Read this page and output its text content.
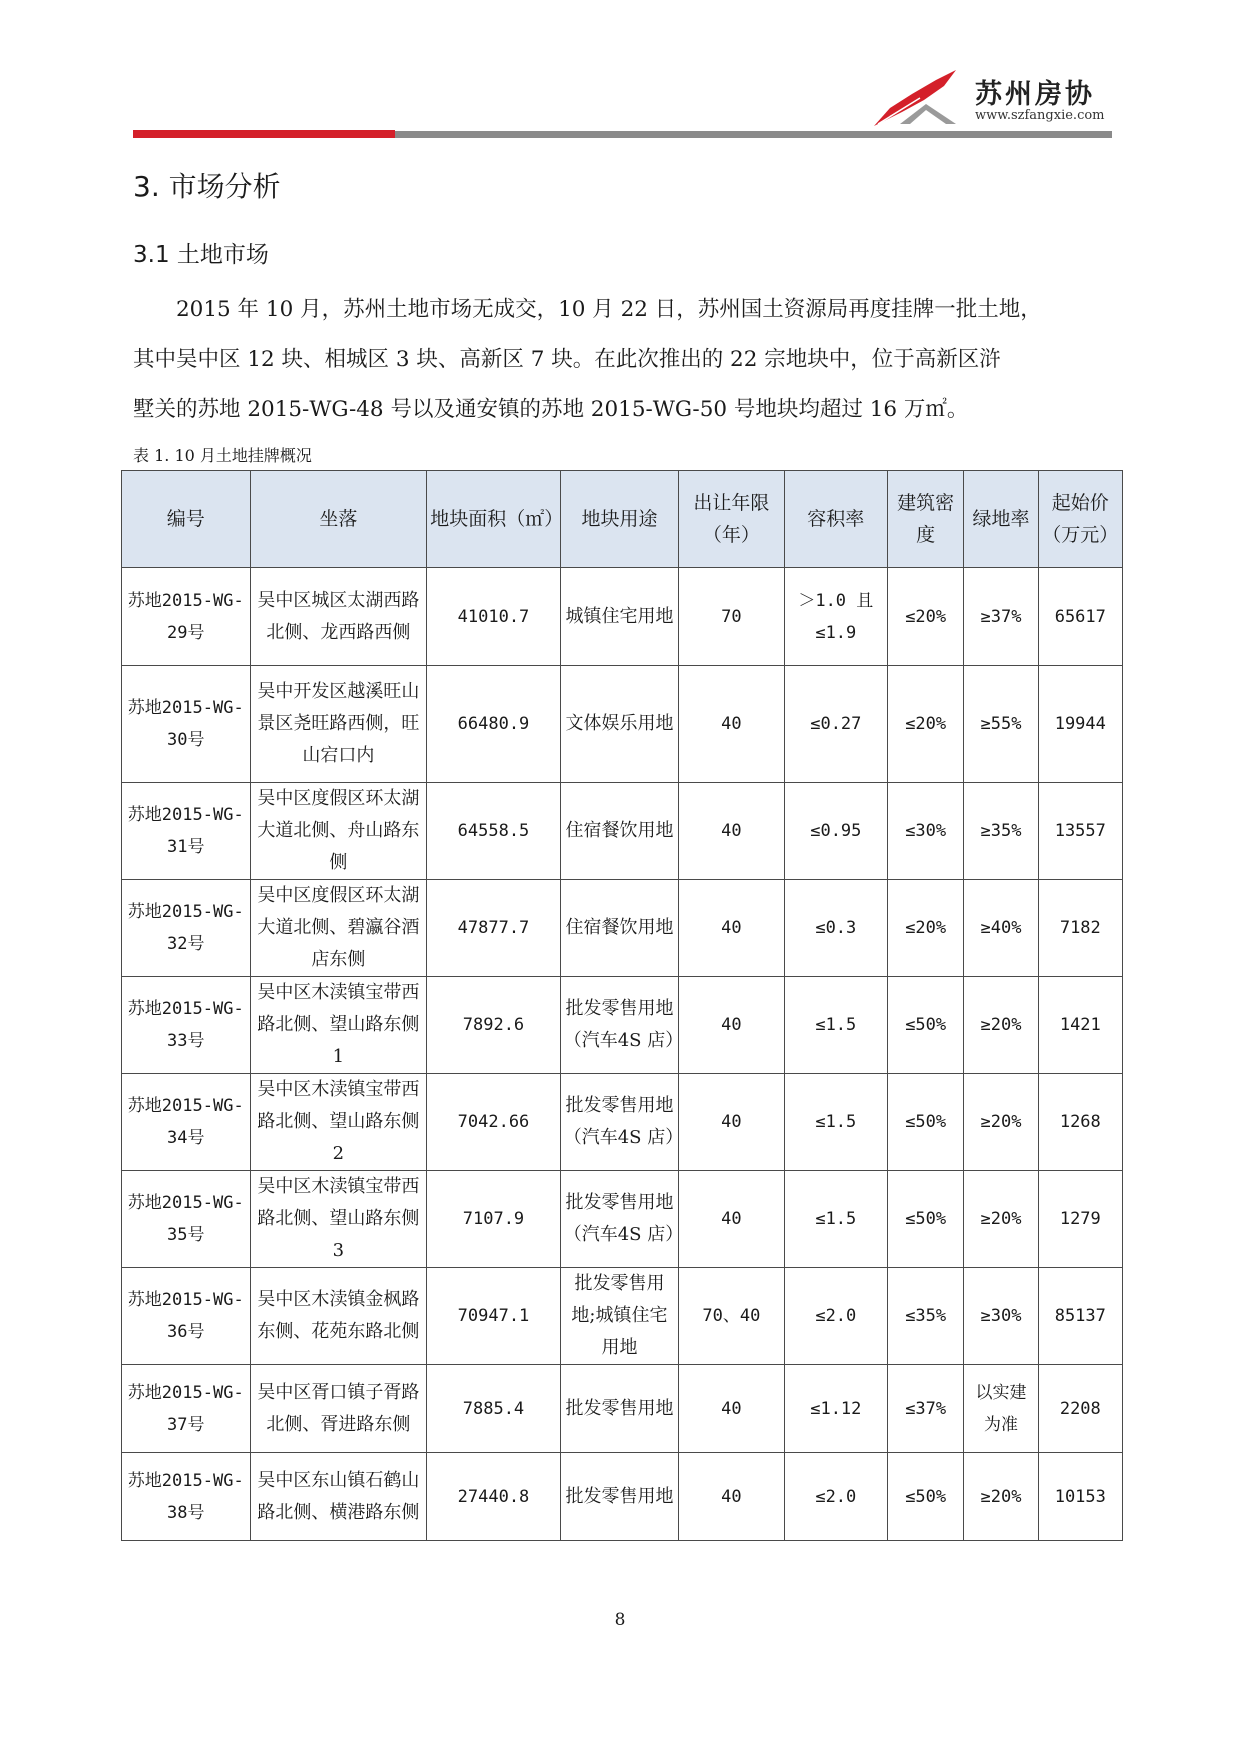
苏州房协
www.szfangxie.com
3. 市场分析
3.1 土地市场

　　2015 年 10 月，苏州土地市场无成交，10 月 22 日，苏州国土资源局再度挂牌一批土地，

其中吴中区 12 块、相城区 3 块、高新区 7 块。在此次推出的 22 宗地块中，位于高新区浒

墅关的苏地 2015-WG-48 号以及通安镇的苏地 2015-WG-50 号地块均超过 16 万㎡。

表 1. 10 月土地挂牌概况
编号	坐落	地块面积（㎡）	地块用途	出让年限（年）	容积率	建筑密度	绿地率	起始价（万元）
苏地2015-WG-29号	吴中区城区太湖西路北侧、龙西路西侧	41010.7	城镇住宅用地	70	＞1.0 且≤1.9	≤20%	≥37%	65617
苏地2015-WG-30号	吴中开发区越溪旺山景区尧旺路西侧，旺山宕口内	66480.9	文体娱乐用地	40	≤0.27	≤20%	≥55%	19944
苏地2015-WG-31号	吴中区度假区环太湖大道北侧、舟山路东侧	64558.5	住宿餐饮用地	40	≤0.95	≤30%	≥35%	13557
苏地2015-WG-32号	吴中区度假区环太湖大道北侧、碧瀛谷酒店东侧	47877.7	住宿餐饮用地	40	≤0.3	≤20%	≥40%	7182
苏地2015-WG-33号	吴中区木渎镇宝带西路北侧、望山路东侧 1	7892.6	批发零售用地（汽车4S 店）	40	≤1.5	≤50%	≥20%	1421
苏地2015-WG-34号	吴中区木渎镇宝带西路北侧、望山路东侧 2	7042.66	批发零售用地（汽车4S 店）	40	≤1.5	≤50%	≥20%	1268
苏地2015-WG-35号	吴中区木渎镇宝带西路北侧、望山路东侧 3	7107.9	批发零售用地（汽车4S 店）	40	≤1.5	≤50%	≥20%	1279
苏地2015-WG-36号	吴中区木渎镇金枫路东侧、花苑东路北侧	70947.1	批发零售用地;城镇住宅用地	70、40	≤2.0	≤35%	≥30%	85137
苏地2015-WG-37号	吴中区胥口镇子胥路北侧、胥进路东侧	7885.4	批发零售用地	40	≤1.12	≤37%	以实建为准	2208
苏地2015-WG-38号	吴中区东山镇石鹤山路北侧、横港路东侧	27440.8	批发零售用地	40	≤2.0	≤50%	≥20%	10153
8
